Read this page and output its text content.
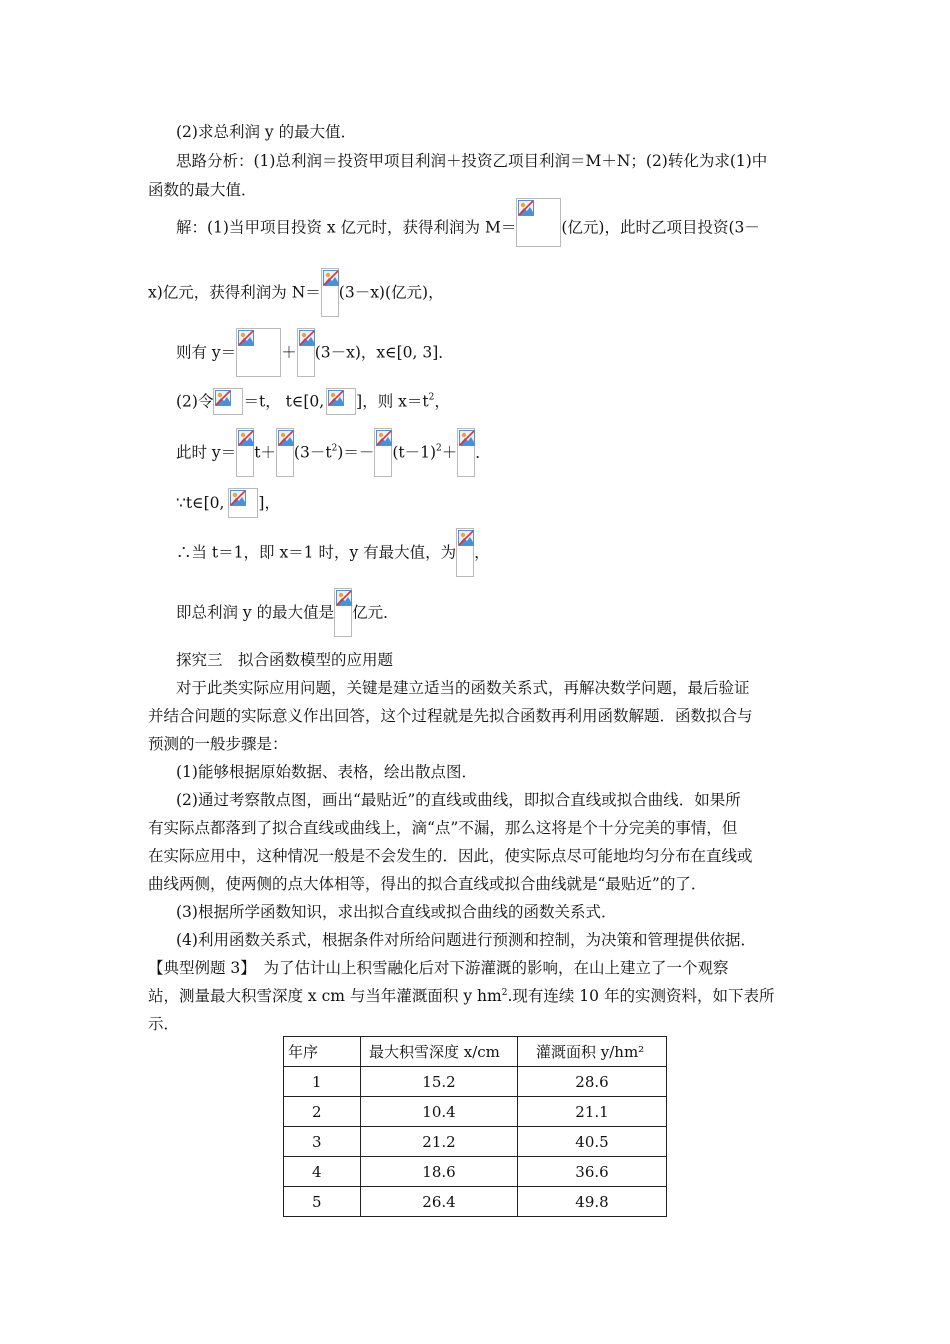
(2)求总利润 y 的最大值．
思路分析：(1)总利润＝投资甲项目利润＋投资乙项目利润＝M＋N；(2)转化为求(1)中
函数的最大值．
解：(1)当甲项目投资 x 亿元时，获得利润为 M＝	(亿元)，此时乙项目投资(3－
x)亿元，获得利润为 N＝ (3－x)(亿元)，
则有 y＝	＋ (3－x)，x∈[0, 3]．
(2)令 ＝t， t∈[0, ]，则 $x=t^2$，
此时 $y= t+ (3-t^2)=- (t-1)^2+$ ．
∵t∈[0, ]，
∴当 t＝1，即 x＝1 时，y 有最大值，为 ，
即总利润 y 的最大值是 亿元．
探究三　拟合函数模型的应用题
对于此类实际应用问题，关键是建立适当的函数关系式，再解决数学问题，最后验证
并结合问题的实际意义作出回答，这个过程就是先拟合函数再利用函数解题．函数拟合与
预测的一般步骤是：
(1)能够根据原始数据、表格，绘出散点图．
(2)通过考察散点图，画出“最贴近”的直线或曲线，即拟合直线或拟合曲线．如果所
有实际点都落到了拟合直线或曲线上，滴“点”不漏，那么这将是个十分完美的事情，但
在实际应用中，这种情况一般是不会发生的．因此，使实际点尽可能地均匀分布在直线或
曲线两侧，使两侧的点大体相等，得出的拟合直线或拟合曲线就是“最贴近”的了．
(3)根据所学函数知识，求出拟合直线或拟合曲线的函数关系式．
(4)利用函数关系式，根据条件对所给问题进行预测和控制，为决策和管理提供依据．
【典型例题 3】　为了估计山上积雪融化后对下游灌溉的影响，在山上建立了一个观察
站，测量最大积雪深度 x cm 与当年灌溉面积 y $hm^2$.现有连续 10 年的实测资料，如下表所
示．
年序	最大积雪深度 x/cm	灌溉面积 y/hm²
1	15.2	28.6
2	10.4	21.1
3	21.2	40.5
4	18.6	36.6
5	26.4	49.8
